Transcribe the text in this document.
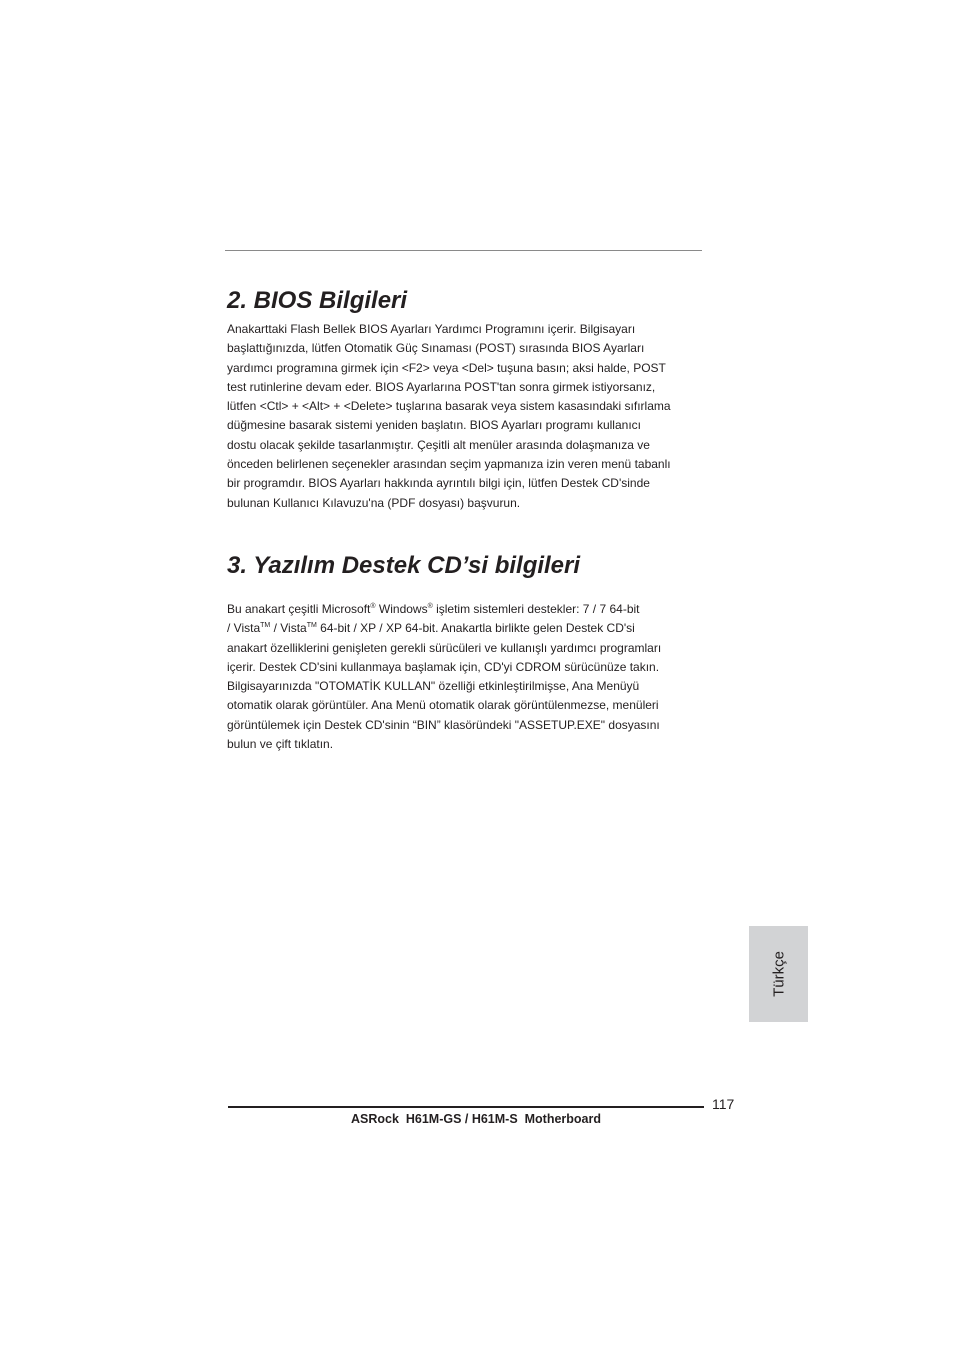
2. BIOS Bilgileri
Anakarttaki Flash Bellek BIOS Ayarları Yardımcı Programını içerir. Bilgisayarı
başlattığınızda, lütfen Otomatik Güç Sınaması (POST) sırasında BIOS Ayarları
yardımcı programına girmek için <F2> veya <Del> tuşuna basın; aksi halde, POST
test rutinlerine devam eder. BIOS Ayarlarına POST'tan sonra girmek istiyorsanız,
lütfen <Ctl> + <Alt> + <Delete> tuşlarına basarak veya sistem kasasındaki sıfırlama
düğmesine basarak sistemi yeniden başlatın. BIOS Ayarları programı kullanıcı
dostu olacak şekilde tasarlanmıştır. Çeşitli alt menüler arasında dolaşmanıza ve
önceden belirlenen seçenekler arasından seçim yapmanıza izin veren menü tabanlı
bir programdır. BIOS Ayarları hakkında ayrıntılı bilgi için, lütfen Destek CD'sinde
bulunan Kullanıcı Kılavuzu'na (PDF dosyası) başvurun.
3. Yazılım Destek CD’si bilgileri
Bu anakart çeşitli Microsoft® Windows® işletim sistemleri destekler: 7 / 7 64-bit
/ Vista™ / Vista™ 64-bit / XP / XP 64-bit. Anakartla birlikte gelen Destek CD'si
anakart özelliklerini genişleten gerekli sürücüleri ve kullanışlı yardımcı programları
içerir. Destek CD'sini kullanmaya başlamak için, CD'yi CDROM sürücünüze takın.
Bilgisayarınızda "OTOMATİK KULLAN" özelliği etkinleştirilmişse, Ana Menüyü
otomatik olarak görüntüler. Ana Menü otomatik olarak görüntülenmezse, menüleri
görüntülemek için Destek CD'sinin “BIN” klasöründeki "ASSETUP.EXE" dosyasını
bulun ve çift tıklatın.
Türkçe
117
ASRock  H61M-GS / H61M-S  Motherboard
